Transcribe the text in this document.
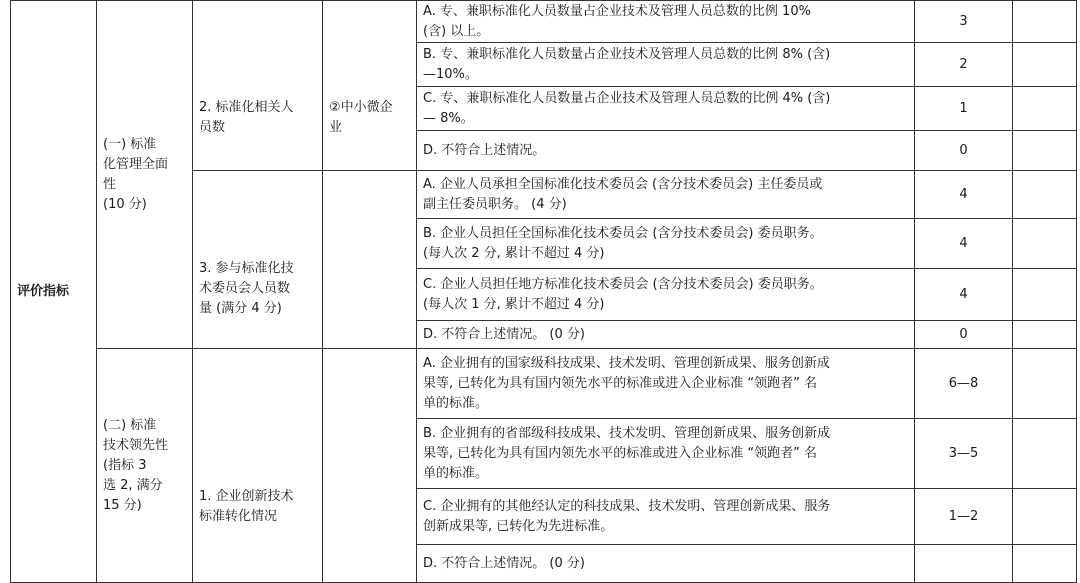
评价指标	(一) 标准
化管理全面
性
(10 分)	2. 标准化相关人
员数	②中小微企
业	A. 专、兼职标准化人员数量占企业技术及管理人员总数的比例 10%
(含) 以上。	3	

				B. 专、兼职标准化人员数量占企业技术及管理人员总数的比例 8% (含)
—10%。	2	

				C. 专、兼职标准化人员数量占企业技术及管理人员总数的比例 4% (含)
— 8%。	1	

				D. 不符合上述情况。	0	

		3. 参与标准化技
术委员会人员数
量 (满分 4 分)		A. 企业人员承担全国标准化技术委员会 (含分技术委员会) 主任委员或
副主任委员职务。 (4 分)	4	

				B. 企业人员担任全国标准化技术委员会 (含分技术委员会) 委员职务。
(每人次 2 分, 累计不超过 4 分)	4	

				C. 企业人员担任地方标准化技术委员会 (含分技术委员会) 委员职务。
(每人次 1 分, 累计不超过 4 分)	4	

				D. 不符合上述情况。 (0 分)	0	

	(二) 标准
技术领先性
(指标 3
选 2, 满分
15 分)	1. 企业创新技术
标准转化情况		A. 企业拥有的国家级科技成果、技术发明、管理创新成果、服务创新成
果等, 已转化为具有国内领先水平的标准或进入企业标准 “领跑者” 名
单的标准。	6—8	

				B. 企业拥有的省部级科技成果、技术发明、管理创新成果、服务创新成
果等, 已转化为具有国内领先水平的标准或进入企业标准 “领跑者” 名
单的标准。	3—5	

				C. 企业拥有的其他经认定的科技成果、技术发明、管理创新成果、服务
创新成果等, 已转化为先进标准。	1—2	

				D. 不符合上述情况。 (0 分)		
